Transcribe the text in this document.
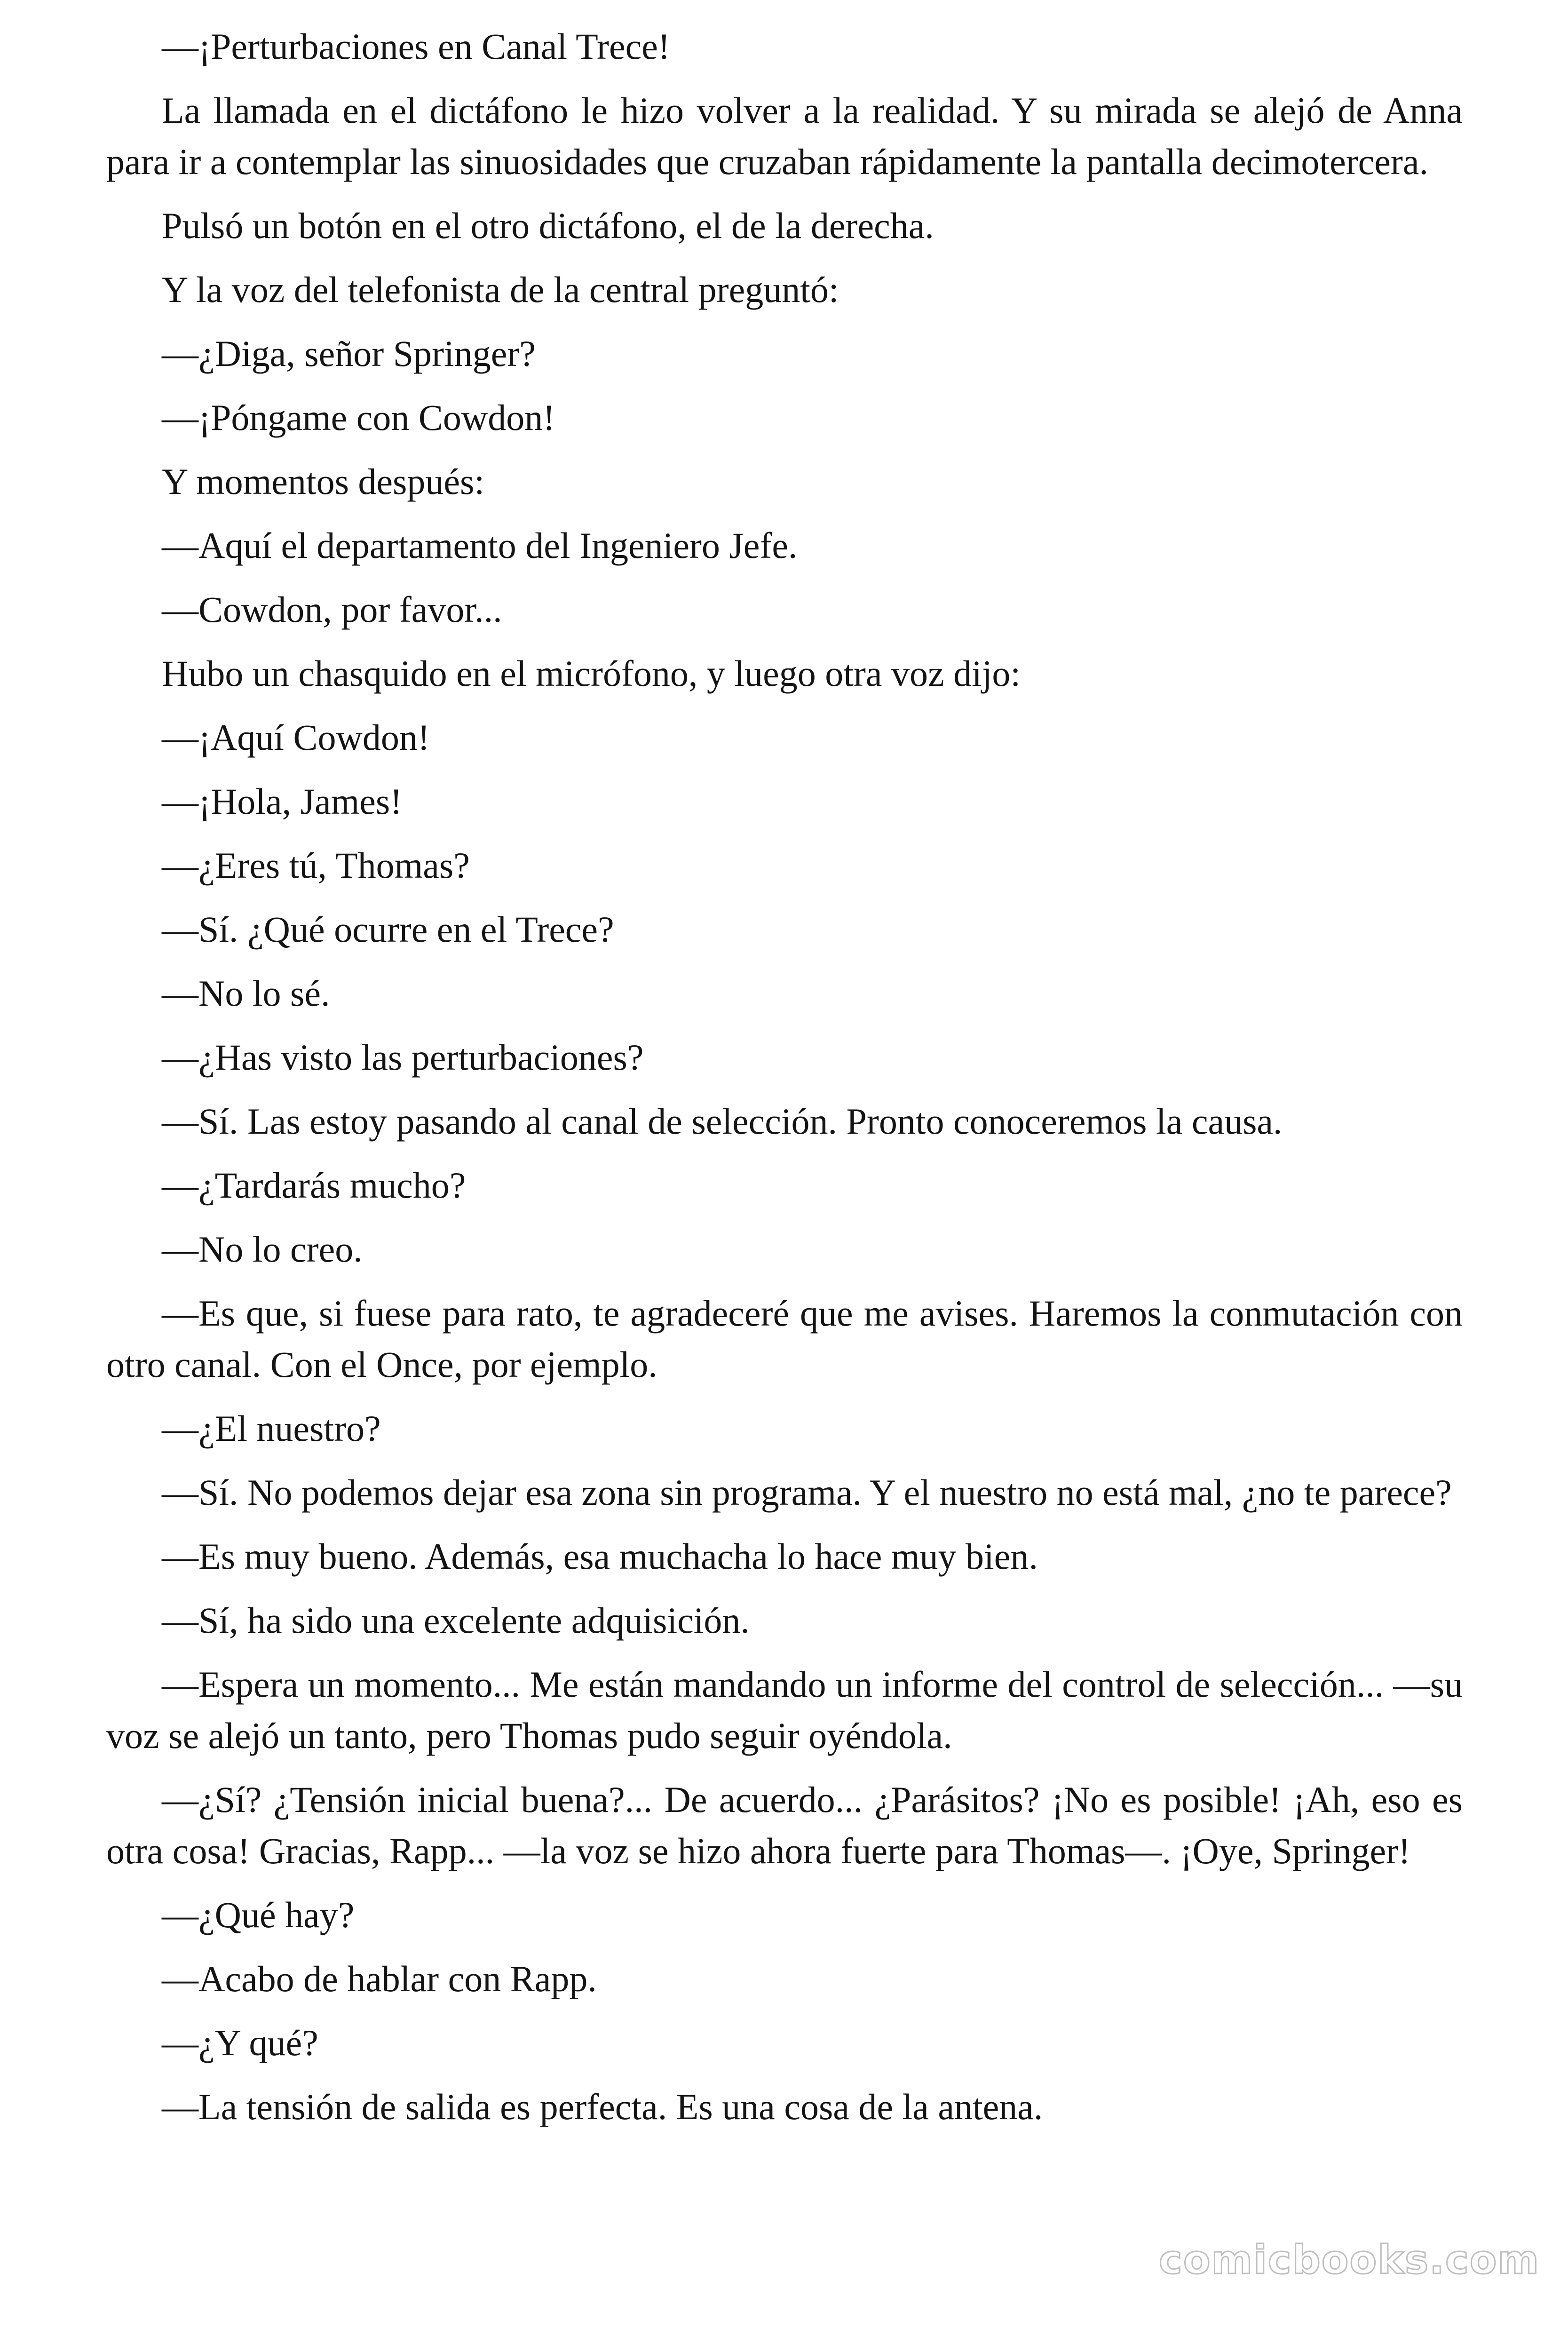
—¡Perturbaciones en Canal Trece!

La llamada en el dictáfono le hizo volver a la realidad. Y su mirada se alejó de Anna para ir a contemplar las sinuosidades que cruzaban rápidamente la pantalla decimotercera.

Pulsó un botón en el otro dictáfono, el de la derecha.

Y la voz del telefonista de la central preguntó:

—¿Diga, señor Springer?

—¡Póngame con Cowdon!

Y momentos después:

—Aquí el departamento del Ingeniero Jefe.

—Cowdon, por favor...

Hubo un chasquido en el micrófono, y luego otra voz dijo:

—¡Aquí Cowdon!

—¡Hola, James!

—¿Eres tú, Thomas?

—Sí. ¿Qué ocurre en el Trece?

—No lo sé.

—¿Has visto las perturbaciones?

—Sí. Las estoy pasando al canal de selección. Pronto conoceremos la causa.

—¿Tardarás mucho?

—No lo creo.

—Es que, si fuese para rato, te agradeceré que me avises. Haremos la conmutación con otro canal. Con el Once, por ejemplo.

—¿El nuestro?

—Sí. No podemos dejar esa zona sin programa. Y el nuestro no está mal, ¿no te parece?

—Es muy bueno. Además, esa muchacha lo hace muy bien.

—Sí, ha sido una excelente adquisición.

—Espera un momento... Me están mandando un informe del control de selección... —su voz se alejó un tanto, pero Thomas pudo seguir oyéndola.

—¿Sí? ¿Tensión inicial buena?... De acuerdo... ¿Parásitos? ¡No es posible! ¡Ah, eso es otra cosa! Gracias, Rapp... —la voz se hizo ahora fuerte para Thomas—. ¡Oye, Springer!

—¿Qué hay?

—Acabo de hablar con Rapp.

—¿Y qué?

—La tensión de salida es perfecta. Es una cosa de la antena.

comicbooks.com
